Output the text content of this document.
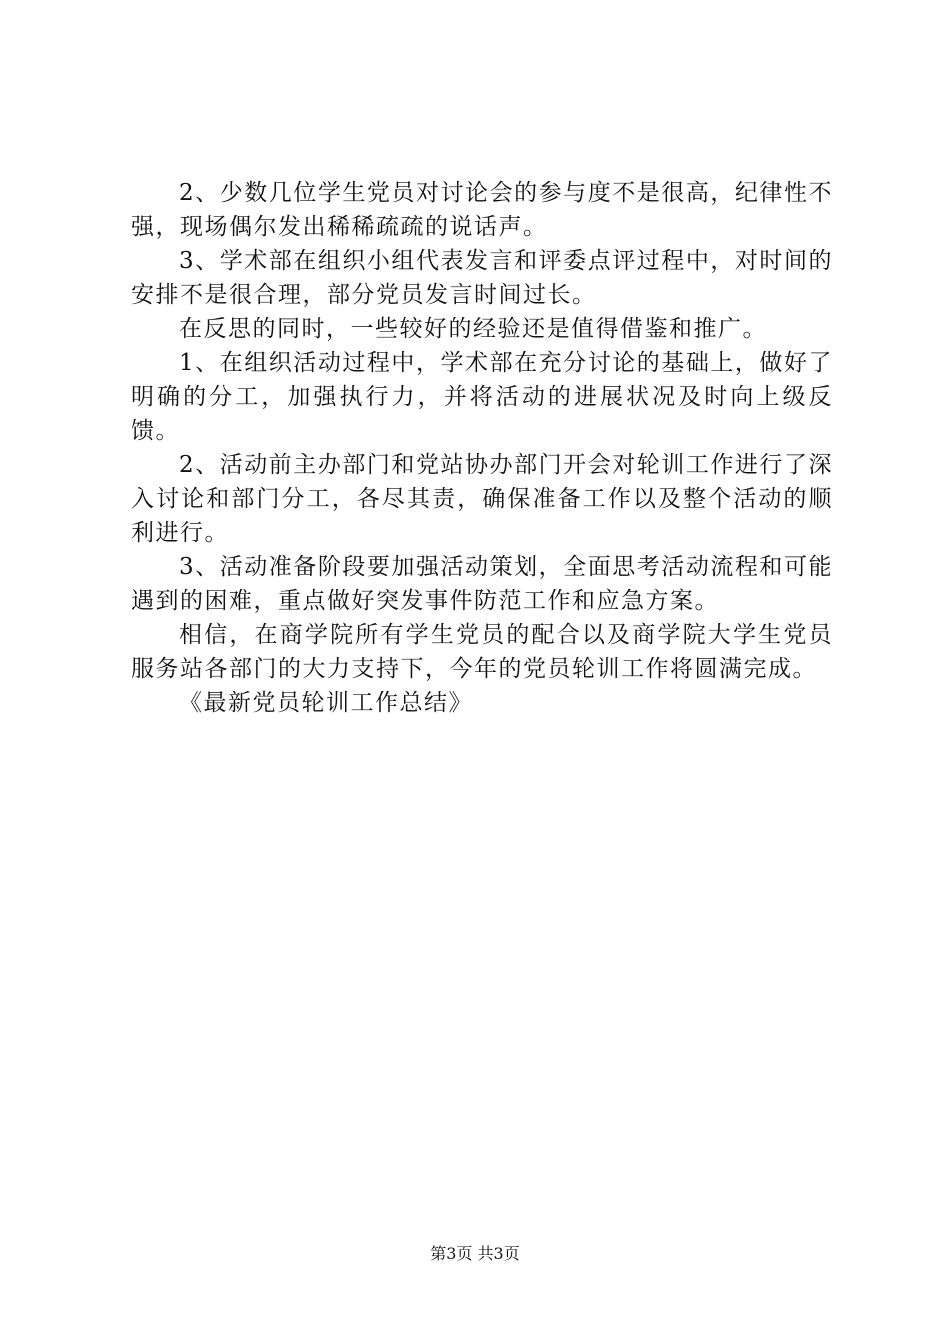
2、少数几位学生党员对讨论会的参与度不是很高，纪律性不强，现场偶尔发出稀稀疏疏的说话声。

3、学术部在组织小组代表发言和评委点评过程中，对时间的安排不是很合理，部分党员发言时间过长。

在反思的同时，一些较好的经验还是值得借鉴和推广。

1、在组织活动过程中，学术部在充分讨论的基础上，做好了明确的分工，加强执行力，并将活动的进展状况及时向上级反馈。

2、活动前主办部门和党站协办部门开会对轮训工作进行了深入讨论和部门分工，各尽其责，确保准备工作以及整个活动的顺利进行。

3、活动准备阶段要加强活动策划，全面思考活动流程和可能遇到的困难，重点做好突发事件防范工作和应急方案。

相信，在商学院所有学生党员的配合以及商学院大学生党员服务站各部门的大力支持下，今年的党员轮训工作将圆满完成。

《最新党员轮训工作总结》

第3页 共3页
